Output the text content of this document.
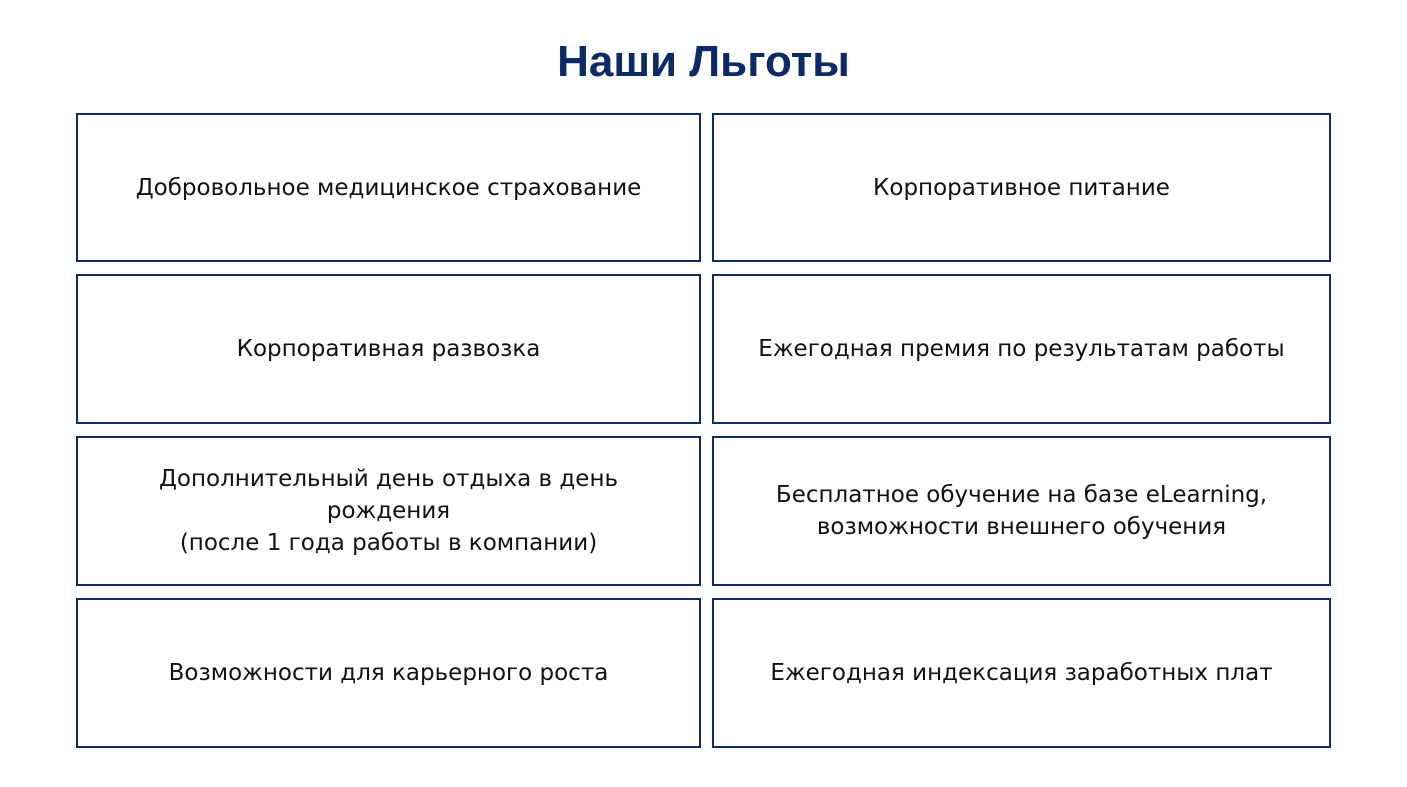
Наши Льготы
Добровольное медицинское страхование	Корпоративное питание
Корпоративная развозка	Ежегодная премия по результатам работы
Дополнительный день отдыха в день рождения
(после 1 года работы в компании)
Бесплатное обучение на базе eLearning,
возможности внешнего обучения
Возможности для карьерного роста	Ежегодная индексация заработных плат
